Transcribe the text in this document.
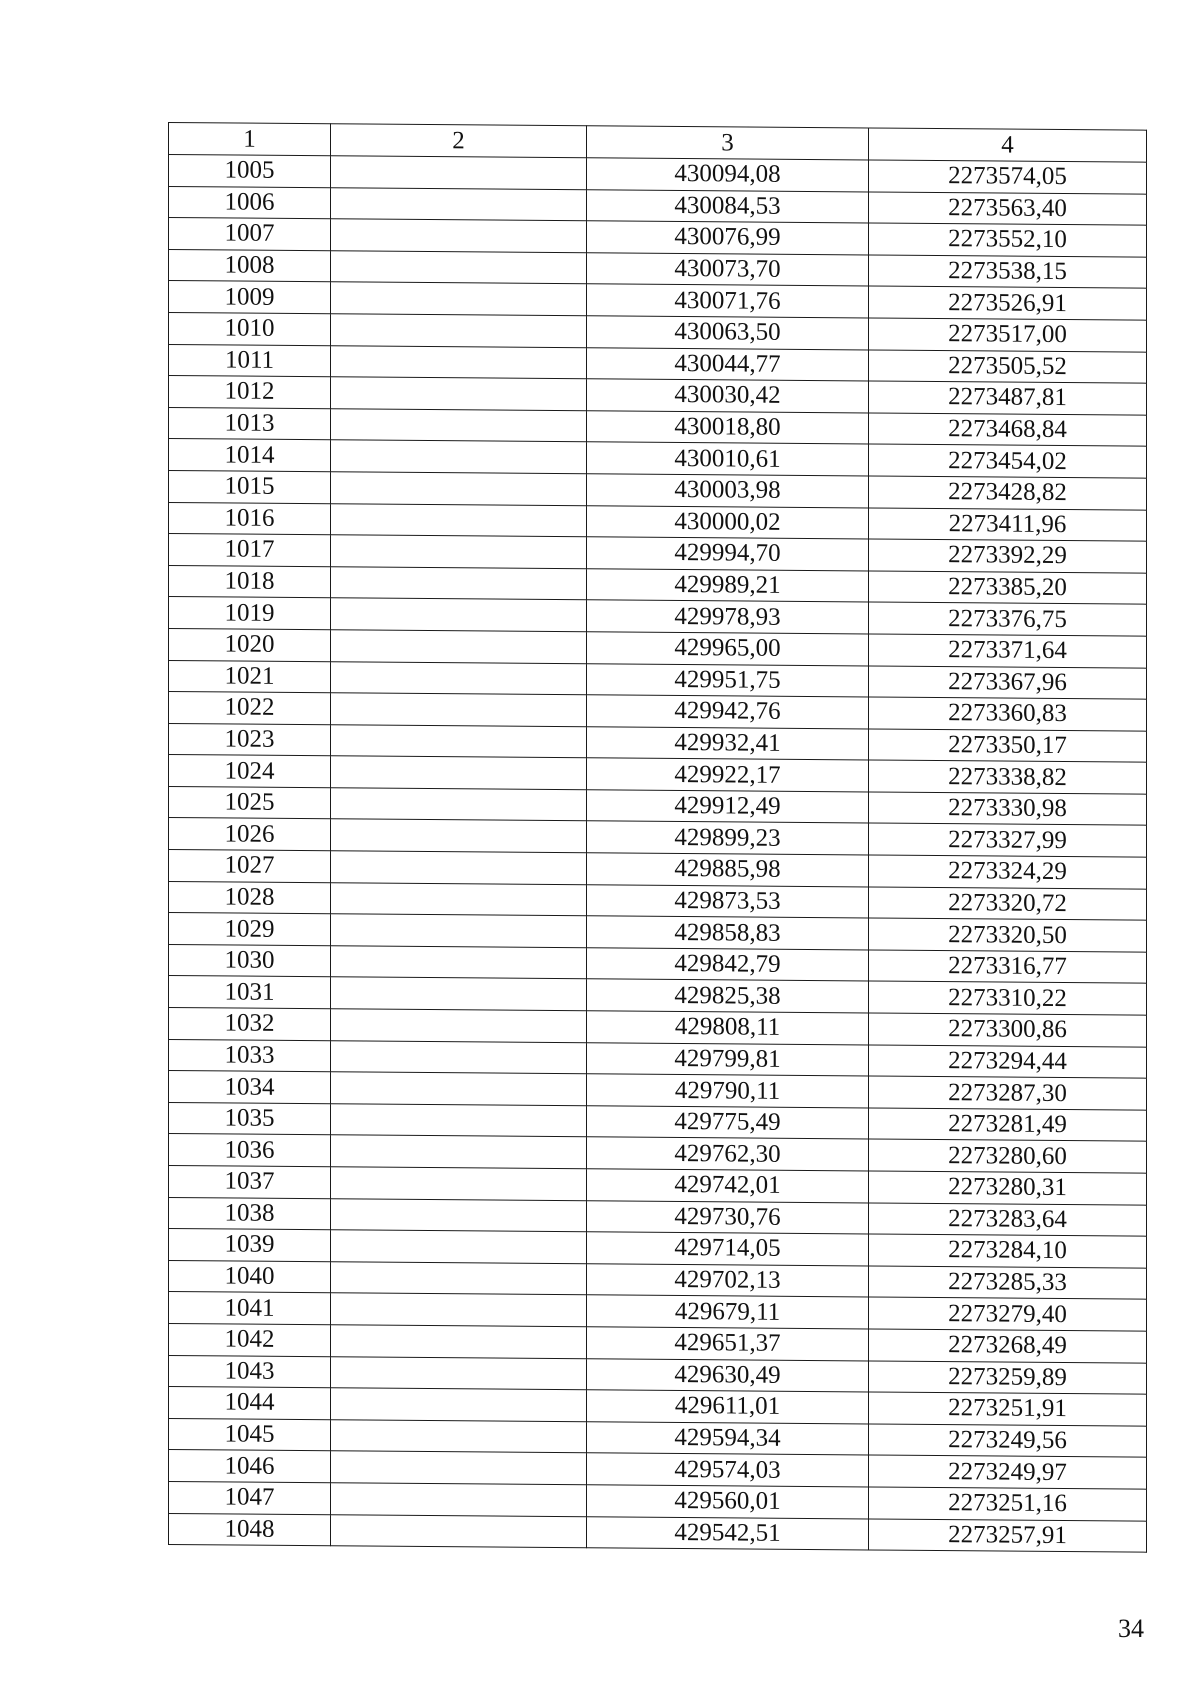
1	2	3	4
1005		430094,08	2273574,05
1006		430084,53	2273563,40
1007		430076,99	2273552,10
1008		430073,70	2273538,15
1009		430071,76	2273526,91
1010		430063,50	2273517,00
1011		430044,77	2273505,52
1012		430030,42	2273487,81
1013		430018,80	2273468,84
1014		430010,61	2273454,02
1015		430003,98	2273428,82
1016		430000,02	2273411,96
1017		429994,70	2273392,29
1018		429989,21	2273385,20
1019		429978,93	2273376,75
1020		429965,00	2273371,64
1021		429951,75	2273367,96
1022		429942,76	2273360,83
1023		429932,41	2273350,17
1024		429922,17	2273338,82
1025		429912,49	2273330,98
1026		429899,23	2273327,99
1027		429885,98	2273324,29
1028		429873,53	2273320,72
1029		429858,83	2273320,50
1030		429842,79	2273316,77
1031		429825,38	2273310,22
1032		429808,11	2273300,86
1033		429799,81	2273294,44
1034		429790,11	2273287,30
1035		429775,49	2273281,49
1036		429762,30	2273280,60
1037		429742,01	2273280,31
1038		429730,76	2273283,64
1039		429714,05	2273284,10
1040		429702,13	2273285,33
1041		429679,11	2273279,40
1042		429651,37	2273268,49
1043		429630,49	2273259,89
1044		429611,01	2273251,91
1045		429594,34	2273249,56
1046		429574,03	2273249,97
1047		429560,01	2273251,16
1048		429542,51	2273257,91
34
